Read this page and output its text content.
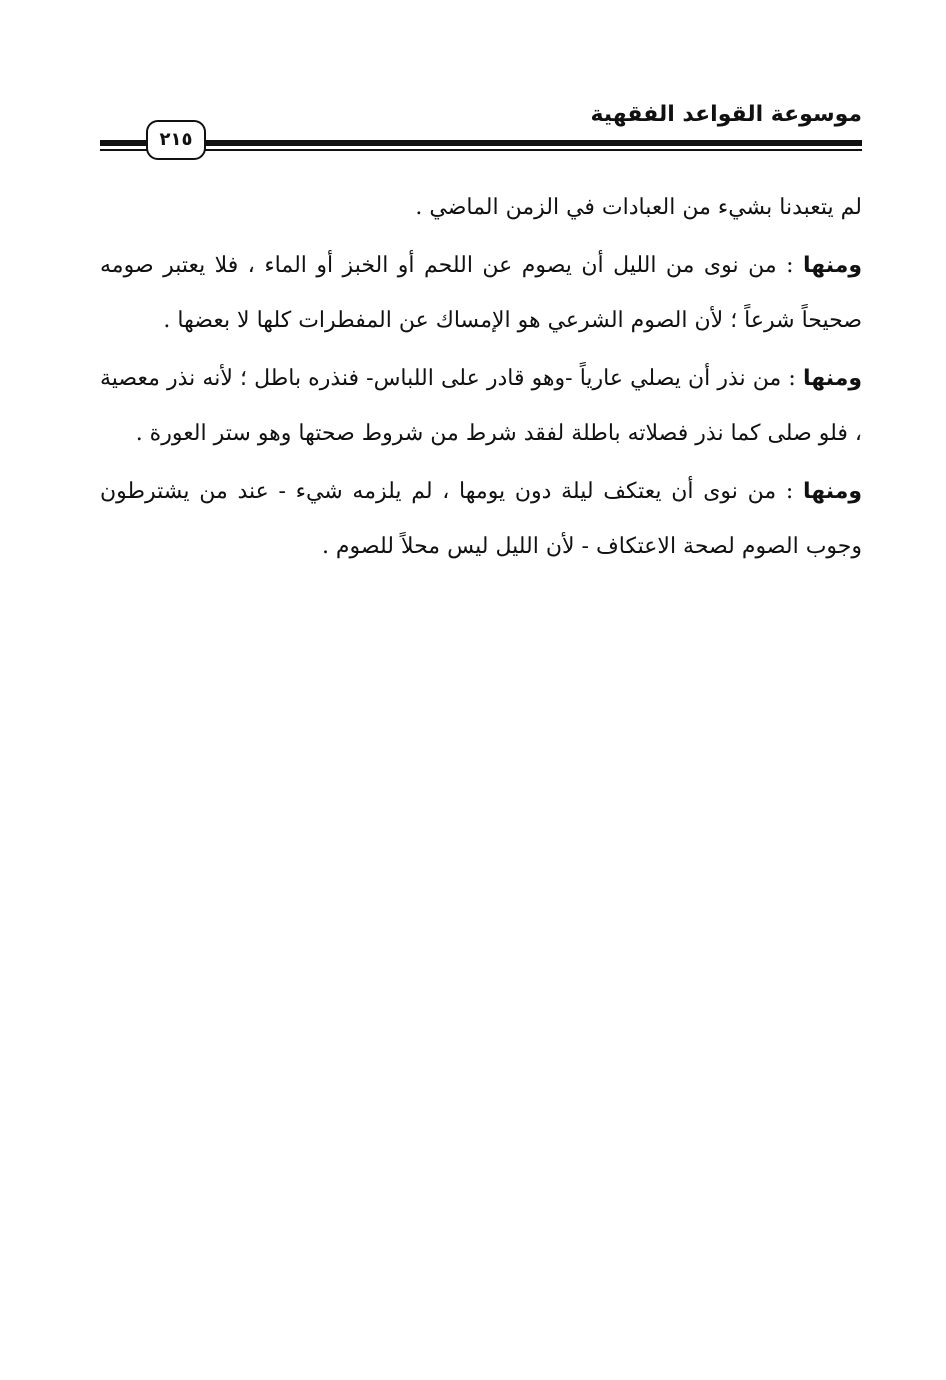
موسوعة القواعد الفقهية
٢١٥

لم يتعبدنا بشيء من العبادات في الزمن الماضي .

ومنها : من نوى من الليل أن يصوم عن اللحم أو الخبز أو الماء ، فلا يعتبر صومه صحيحاً شرعاً ؛ لأن الصوم الشرعي هو الإمساك عن المفطرات كلها لا بعضها .

ومنها : من نذر أن يصلي عارياً -وهو قادر على اللباس- فنذره باطل ؛ لأنه نذر معصية ، فلو صلى كما نذر فصلاته باطلة لفقد شرط من شروط صحتها وهو ستر العورة .

ومنها : من نوى أن يعتكف ليلة دون يومها ، لم يلزمه شيء - عند من يشترطون وجوب الصوم لصحة الاعتكاف - لأن الليل ليس محلاً للصوم .
